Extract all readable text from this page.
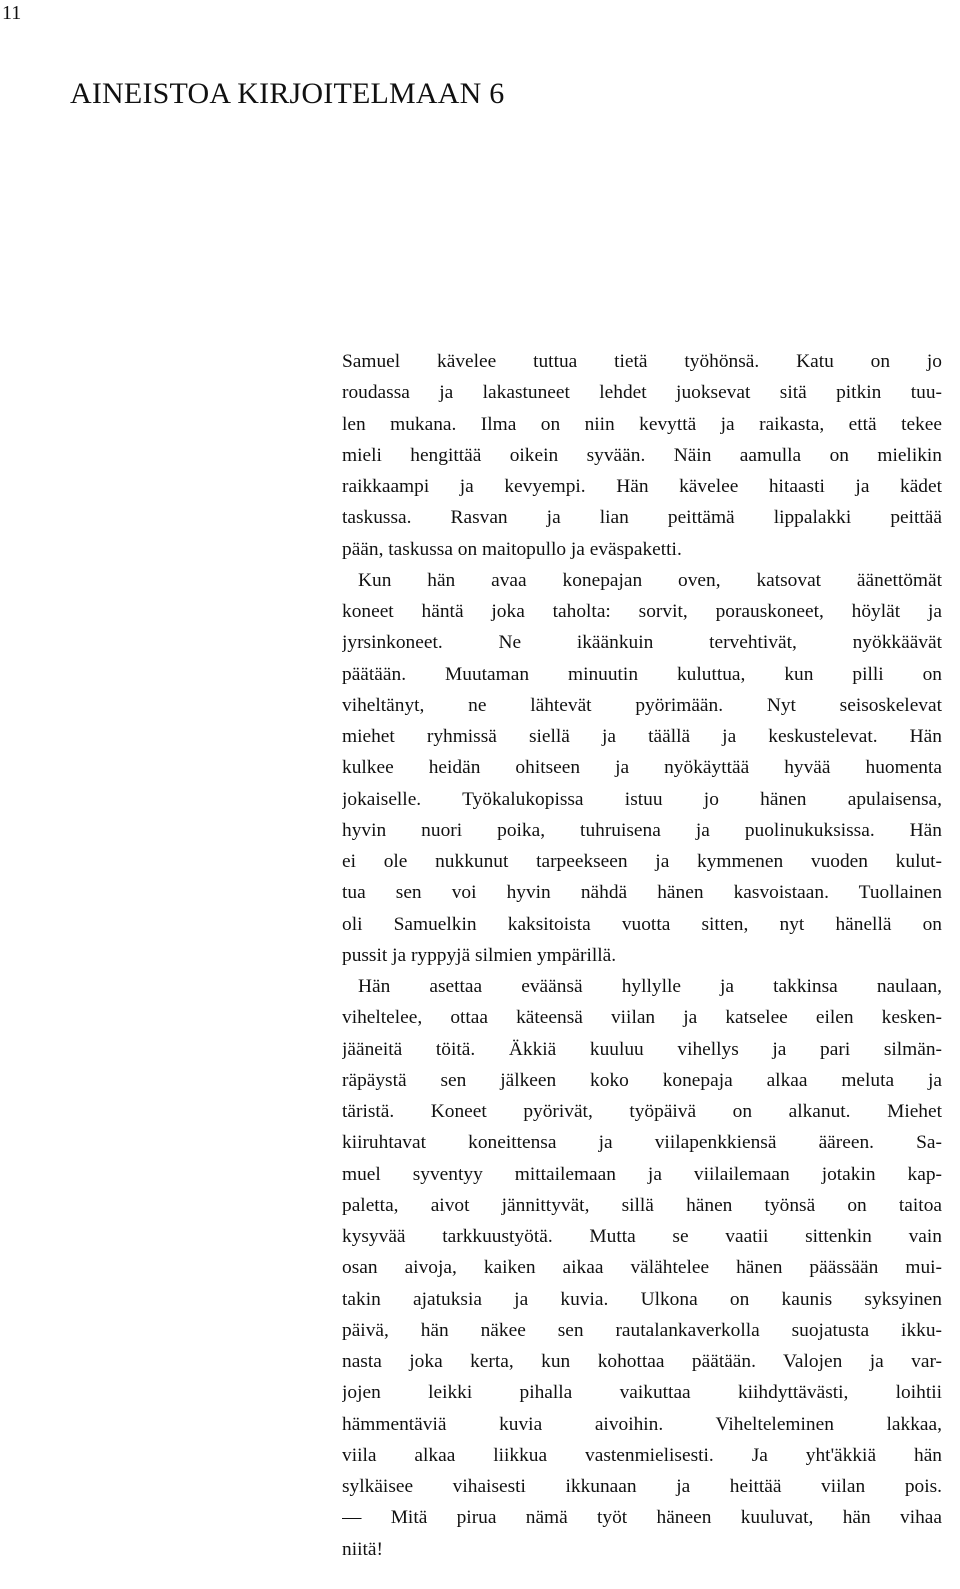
11
AINEISTOA KIRJOITELMAAN 6
Samuel kävelee tuttua tietä työhönsä. Katu on jo
roudassa ja lakastuneet lehdet juoksevat sitä pitkin tuu-
len mukana. Ilma on niin kevyttä ja raikasta, että tekee
mieli hengittää oikein syvään. Näin aamulla on mielikin
raikkaampi ja kevyempi. Hän kävelee hitaasti ja kädet
taskussa. Rasvan ja lian peittämä lippalakki peittää
pään, taskussa on maitopullo ja eväspaketti.
Kun hän avaa konepajan oven, katsovat äänettömät
koneet häntä joka taholta: sorvit, porauskoneet, höylät ja
jyrsinkoneet. Ne ikäänkuin tervehtivät, nyökkäävät
päätään. Muutaman minuutin kuluttua, kun pilli on
viheltänyt, ne lähtevät pyörimään. Nyt seisoskelevat
miehet ryhmissä siellä ja täällä ja keskustelevat. Hän
kulkee heidän ohitseen ja nyökäyttää hyvää huomenta
jokaiselle. Työkalukopissa istuu jo hänen apulaisensa,
hyvin nuori poika, tuhruisena ja puolinukuksissa. Hän
ei ole nukkunut tarpeekseen ja kymmenen vuoden kulut-
tua sen voi hyvin nähdä hänen kasvoistaan. Tuollainen
oli Samuelkin kaksitoista vuotta sitten, nyt hänellä on
pussit ja ryppyjä silmien ympärillä.
Hän asettaa eväänsä hyllylle ja takkinsa naulaan,
viheltelee, ottaa käteensä viilan ja katselee eilen kesken-
jääneitä töitä. Äkkiä kuuluu vihellys ja pari silmän-
räpäystä sen jälkeen koko konepaja alkaa meluta ja
täristä. Koneet pyörivät, työpäivä on alkanut. Miehet
kiiruhtavat koneittensa ja viilapenkkiensä ääreen. Sa-
muel syventyy mittailemaan ja viilailemaan jotakin kap-
paletta, aivot jännittyvät, sillä hänen työnsä on taitoa
kysyvää tarkkuustyötä. Mutta se vaatii sittenkin vain
osan aivoja, kaiken aikaa välähtelee hänen päässään mui-
takin ajatuksia ja kuvia. Ulkona on kaunis syksyinen
päivä, hän näkee sen rautalankaverkolla suojatusta ikku-
nasta joka kerta, kun kohottaa päätään. Valojen ja var-
jojen leikki pihalla vaikuttaa kiihdyttävästi, loihtii
hämmentäviä kuvia aivoihin. Viheltelеminen lakkaa,
viila alkaa liikkua vastenmielisesti. Ja yht'äkkiä hän
sylkäisee vihaisesti ikkunaan ja heittää viilan pois.
— Mitä pirua nämä työt häneen kuuluvat, hän vihaa
niitä!
